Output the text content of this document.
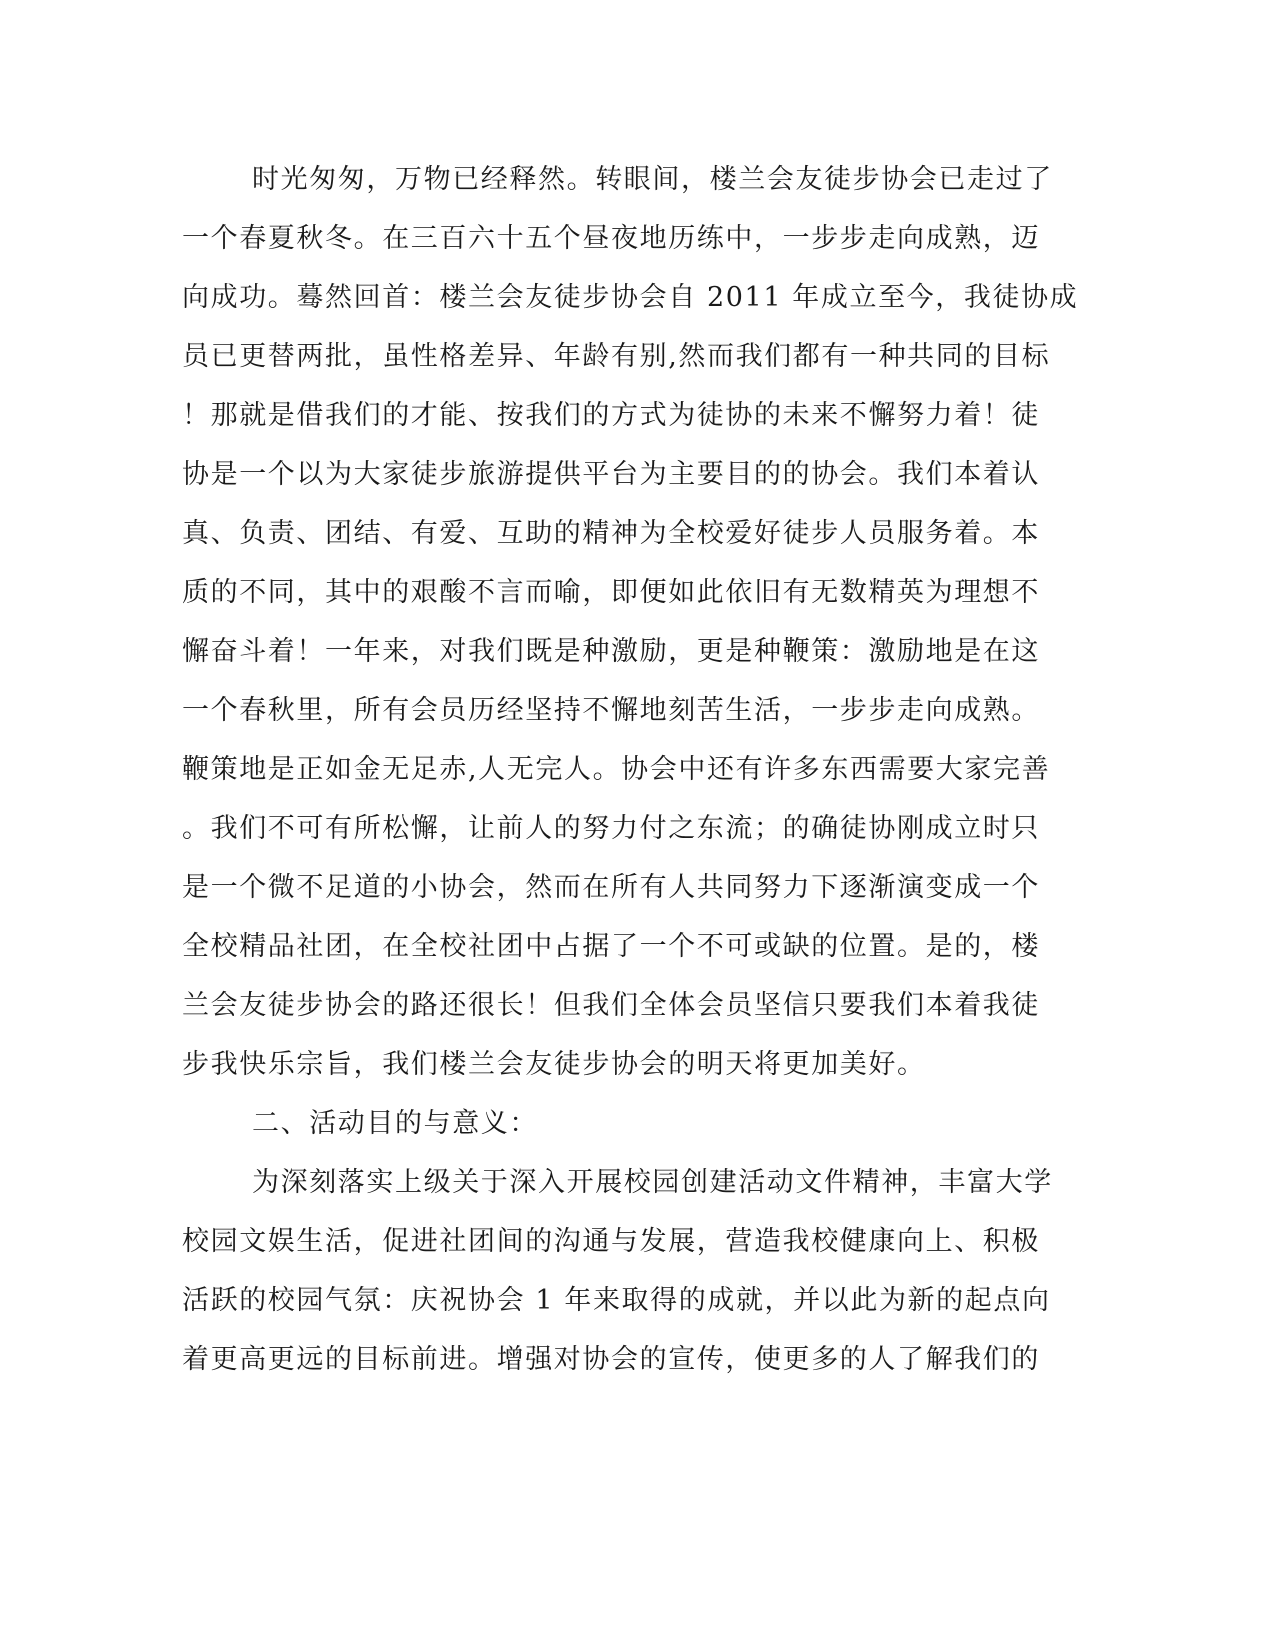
时光匆匆，万物已经释然。转眼间，楼兰会友徒步协会已走过了
一个春夏秋冬。在三百六十五个昼夜地历练中，一步步走向成熟，迈
向成功。蓦然回首：楼兰会友徒步协会自 2011 年成立至今，我徒协成
员已更替两批，虽性格差异、年龄有别,然而我们都有一种共同的目标
！那就是借我们的才能、按我们的方式为徒协的未来不懈努力着！徒
协是一个以为大家徒步旅游提供平台为主要目的的协会。我们本着认
真、负责、团结、有爱、互助的精神为全校爱好徒步人员服务着。本
质的不同，其中的艰酸不言而喻，即便如此依旧有无数精英为理想不
懈奋斗着！一年来，对我们既是种激励，更是种鞭策：激励地是在这
一个春秋里，所有会员历经坚持不懈地刻苦生活，一步步走向成熟。
鞭策地是正如金无足赤,人无完人。协会中还有许多东西需要大家完善
。我们不可有所松懈，让前人的努力付之东流；的确徒协刚成立时只
是一个微不足道的小协会，然而在所有人共同努力下逐渐演变成一个
全校精品社团，在全校社团中占据了一个不可或缺的位置。是的，楼
兰会友徒步协会的路还很长！但我们全体会员坚信只要我们本着我徒
步我快乐宗旨，我们楼兰会友徒步协会的明天将更加美好。
二、活动目的与意义：
为深刻落实上级关于深入开展校园创建活动文件精神，丰富大学
校园文娱生活，促进社团间的沟通与发展，营造我校健康向上、积极
活跃的校园气氛：庆祝协会 1 年来取得的成就，并以此为新的起点向
着更高更远的目标前进。增强对协会的宣传，使更多的人了解我们的
